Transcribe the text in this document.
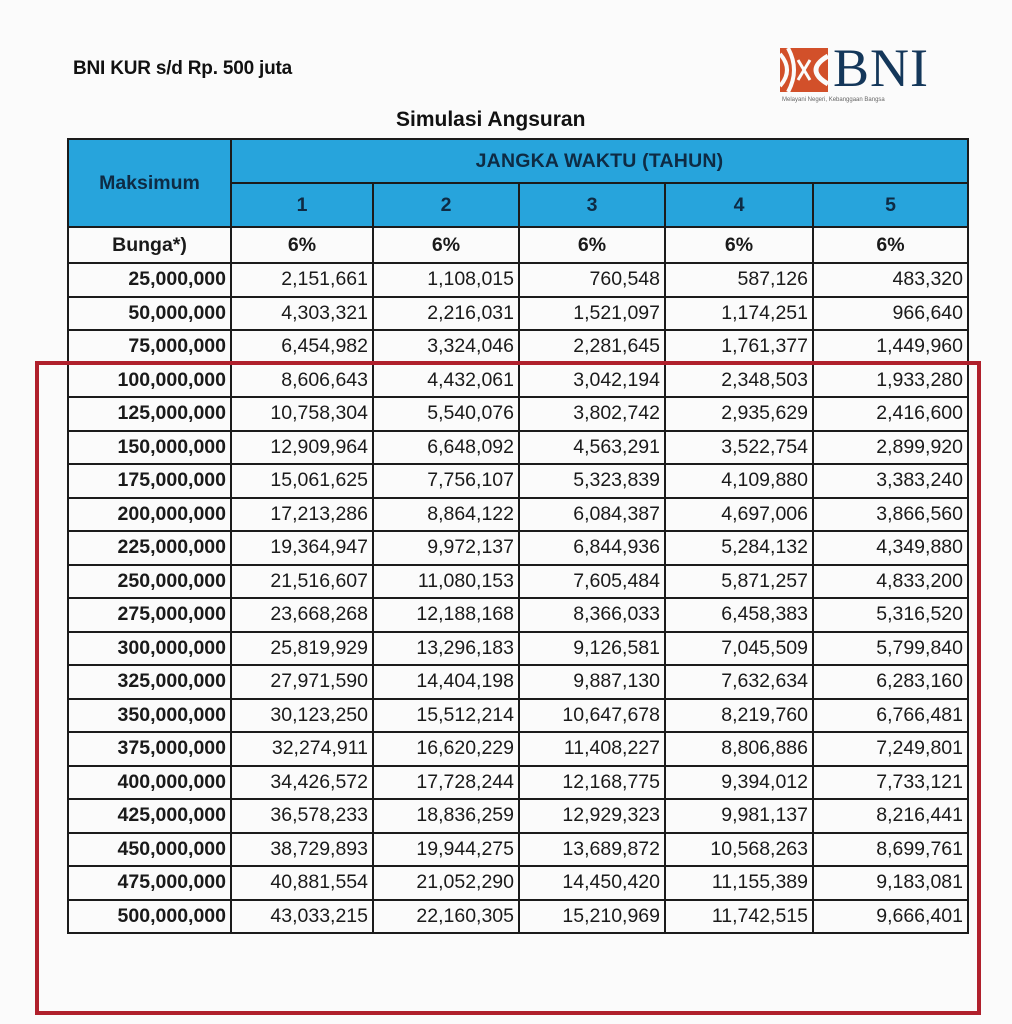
BNI KUR s/d Rp. 500 juta	BNI
Melayani Negeri, Kebanggaan Bangsa
Simulasi Angsuran
Maksimum	JANGKA WAKTU (TAHUN)				
	1	2	3	4	5
Bunga*)	6%	6%	6%	6%	6%
25,000,000	2,151,661	1,108,015	760,548	587,126	483,320
50,000,000	4,303,321	2,216,031	1,521,097	1,174,251	966,640
75,000,000	6,454,982	3,324,046	2,281,645	1,761,377	1,449,960
100,000,000	8,606,643	4,432,061	3,042,194	2,348,503	1,933,280
125,000,000	10,758,304	5,540,076	3,802,742	2,935,629	2,416,600
150,000,000	12,909,964	6,648,092	4,563,291	3,522,754	2,899,920
175,000,000	15,061,625	7,756,107	5,323,839	4,109,880	3,383,240
200,000,000	17,213,286	8,864,122	6,084,387	4,697,006	3,866,560
225,000,000	19,364,947	9,972,137	6,844,936	5,284,132	4,349,880
250,000,000	21,516,607	11,080,153	7,605,484	5,871,257	4,833,200
275,000,000	23,668,268	12,188,168	8,366,033	6,458,383	5,316,520
300,000,000	25,819,929	13,296,183	9,126,581	7,045,509	5,799,840
325,000,000	27,971,590	14,404,198	9,887,130	7,632,634	6,283,160
350,000,000	30,123,250	15,512,214	10,647,678	8,219,760	6,766,481
375,000,000	32,274,911	16,620,229	11,408,227	8,806,886	7,249,801
400,000,000	34,426,572	17,728,244	12,168,775	9,394,012	7,733,121
425,000,000	36,578,233	18,836,259	12,929,323	9,981,137	8,216,441
450,000,000	38,729,893	19,944,275	13,689,872	10,568,263	8,699,761
475,000,000	40,881,554	21,052,290	14,450,420	11,155,389	9,183,081
500,000,000	43,033,215	22,160,305	15,210,969	11,742,515	9,666,401
